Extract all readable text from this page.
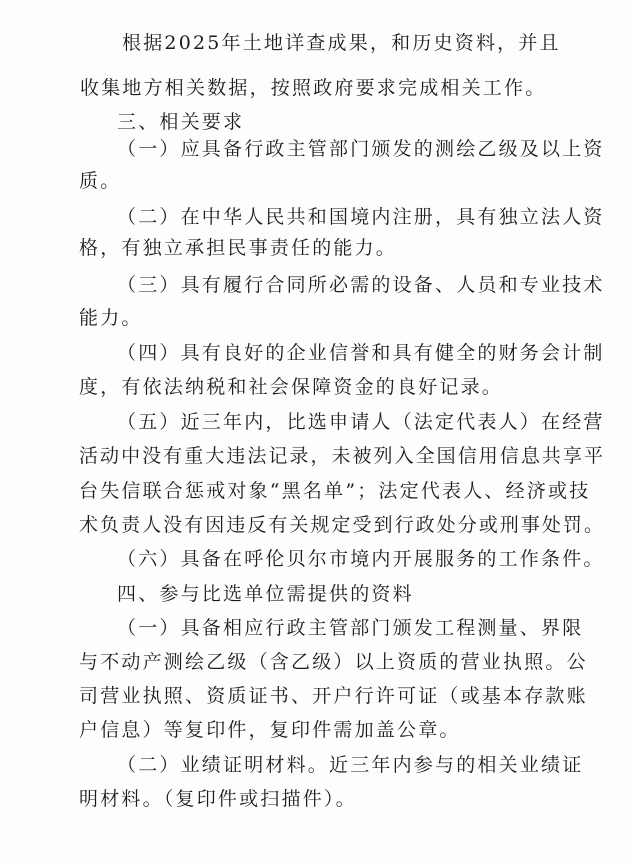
根据2025年土地详查成果，和历史资料，并且
收集地方相关数据，按照政府要求完成相关工作。
三、相关要求
（一）应具备行政主管部门颁发的测绘乙级及以上资
质。
（二）在中华人民共和国境内注册，具有独立法人资
格，有独立承担民事责任的能力。
（三）具有履行合同所必需的设备、人员和专业技术
能力。
（四）具有良好的企业信誉和具有健全的财务会计制
度，有依法纳税和社会保障资金的良好记录。
（五）近三年内，比选申请人（法定代表人）在经营
活动中没有重大违法记录，未被列入全国信用信息共享平
台失信联合惩戒对象“黑名单”；法定代表人、经济或技
术负责人没有因违反有关规定受到行政处分或刑事处罚。
（六）具备在呼伦贝尔市境内开展服务的工作条件。
四、参与比选单位需提供的资料
（一）具备相应行政主管部门颁发工程测量、界限
与不动产测绘乙级（含乙级）以上资质的营业执照。公
司营业执照、资质证书、开户行许可证（或基本存款账
户信息）等复印件，复印件需加盖公章。
（二）业绩证明材料。近三年内参与的相关业绩证
明材料。（复印件或扫描件）。
